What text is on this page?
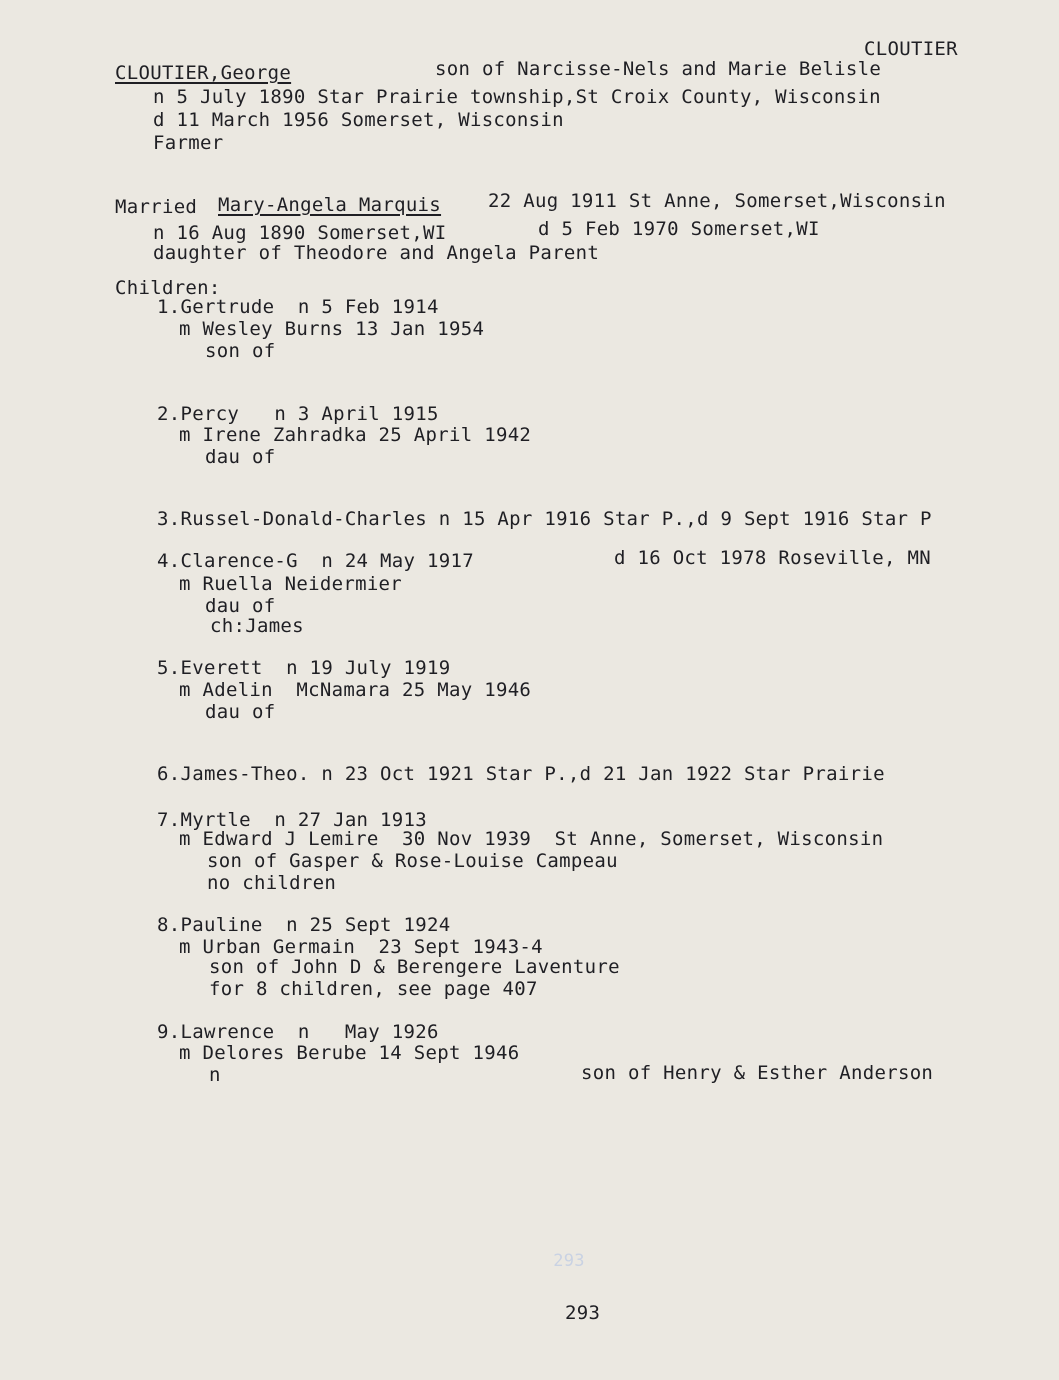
CLOUTIER
CLOUTIER,George	son of Narcisse-Nels and Marie Belisle
n 5 July 1890 Star Prairie township,St Croix County, Wisconsin
d 11 March 1956 Somerset, Wisconsin
Farmer
Married Mary-Angela Marquis 22 Aug 1911 St Anne, Somerset,Wisconsin
n 16 Aug 1890 Somerset,WI	d 5 Feb 1970 Somerset,WI
daughter of Theodore and Angela Parent
Children:
1.Gertrude  n 5 Feb 1914
m Wesley Burns 13 Jan 1954
son of
2.Percy   n 3 April 1915
m Irene Zahradka 25 April 1942
dau of
3.Russel-Donald-Charles n 15 Apr 1916 Star P.,d 9 Sept 1916 Star P
4.Clarence-G  n 24 May 1917	d 16 Oct 1978 Roseville, MN
m Ruella Neidermier
dau of
ch:James
5.Everett  n 19 July 1919
m Adelin  McNamara 25 May 1946
dau of
6.James-Theo. n 23 Oct 1921 Star P.,d 21 Jan 1922 Star Prairie
7.Myrtle  n 27 Jan 1913
m Edward J Lemire  30 Nov 1939  St Anne, Somerset, Wisconsin
son of Gasper & Rose-Louise Campeau
no children
8.Pauline  n 25 Sept 1924
m Urban Germain  23 Sept 1943-4
son of John D & Berengere Laventure
for 8 children, see page 407
9.Lawrence  n   May 1926
m Delores Berube 14 Sept 1946
n	son of Henry & Esther Anderson
293
293
